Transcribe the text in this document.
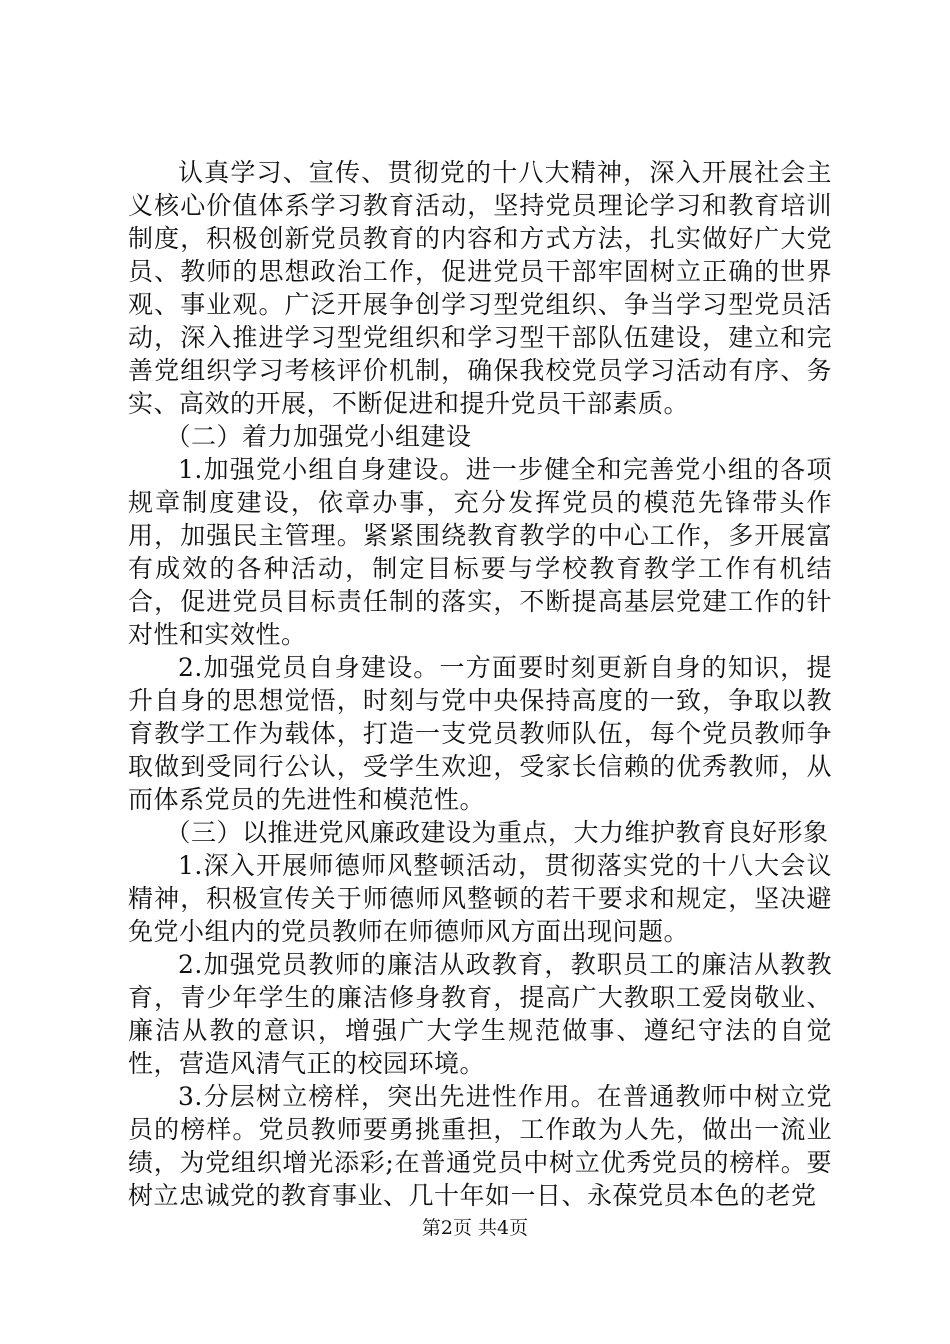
认真学习、宣传、贯彻党的十八大精神，深入开展社会主义核心价值体系学习教育活动，坚持党员理论学习和教育培训制度，积极创新党员教育的内容和方式方法，扎实做好广大党员、教师的思想政治工作，促进党员干部牢固树立正确的世界观、事业观。广泛开展争创学习型党组织、争当学习型党员活动，深入推进学习型党组织和学习型干部队伍建设，建立和完善党组织学习考核评价机制，确保我校党员学习活动有序、务实、高效的开展，不断促进和提升党员干部素质。

（二）着力加强党小组建设

1.加强党小组自身建设。进一步健全和完善党小组的各项规章制度建设，依章办事，充分发挥党员的模范先锋带头作用，加强民主管理。紧紧围绕教育教学的中心工作，多开展富有成效的各种活动，制定目标要与学校教育教学工作有机结合，促进党员目标责任制的落实，不断提高基层党建工作的针对性和实效性。

2.加强党员自身建设。一方面要时刻更新自身的知识，提升自身的思想觉悟，时刻与党中央保持高度的一致，争取以教育教学工作为载体，打造一支党员教师队伍，每个党员教师争取做到受同行公认，受学生欢迎，受家长信赖的优秀教师，从而体系党员的先进性和模范性。

（三）以推进党风廉政建设为重点，大力维护教育良好形象

1.深入开展师德师风整顿活动，贯彻落实党的十八大会议精神，积极宣传关于师德师风整顿的若干要求和规定，坚决避免党小组内的党员教师在师德师风方面出现问题。

2.加强党员教师的廉洁从政教育，教职员工的廉洁从教教育，青少年学生的廉洁修身教育，提高广大教职工爱岗敬业、廉洁从教的意识，增强广大学生规范做事、遵纪守法的自觉性，营造风清气正的校园环境。

3.分层树立榜样，突出先进性作用。在普通教师中树立党员的榜样。党员教师要勇挑重担，工作敢为人先，做出一流业绩，为党组织增光添彩;在普通党员中树立优秀党员的榜样。要树立忠诚党的教育事业、几十年如一日、永葆党员本色的老党

第2页 共4页
